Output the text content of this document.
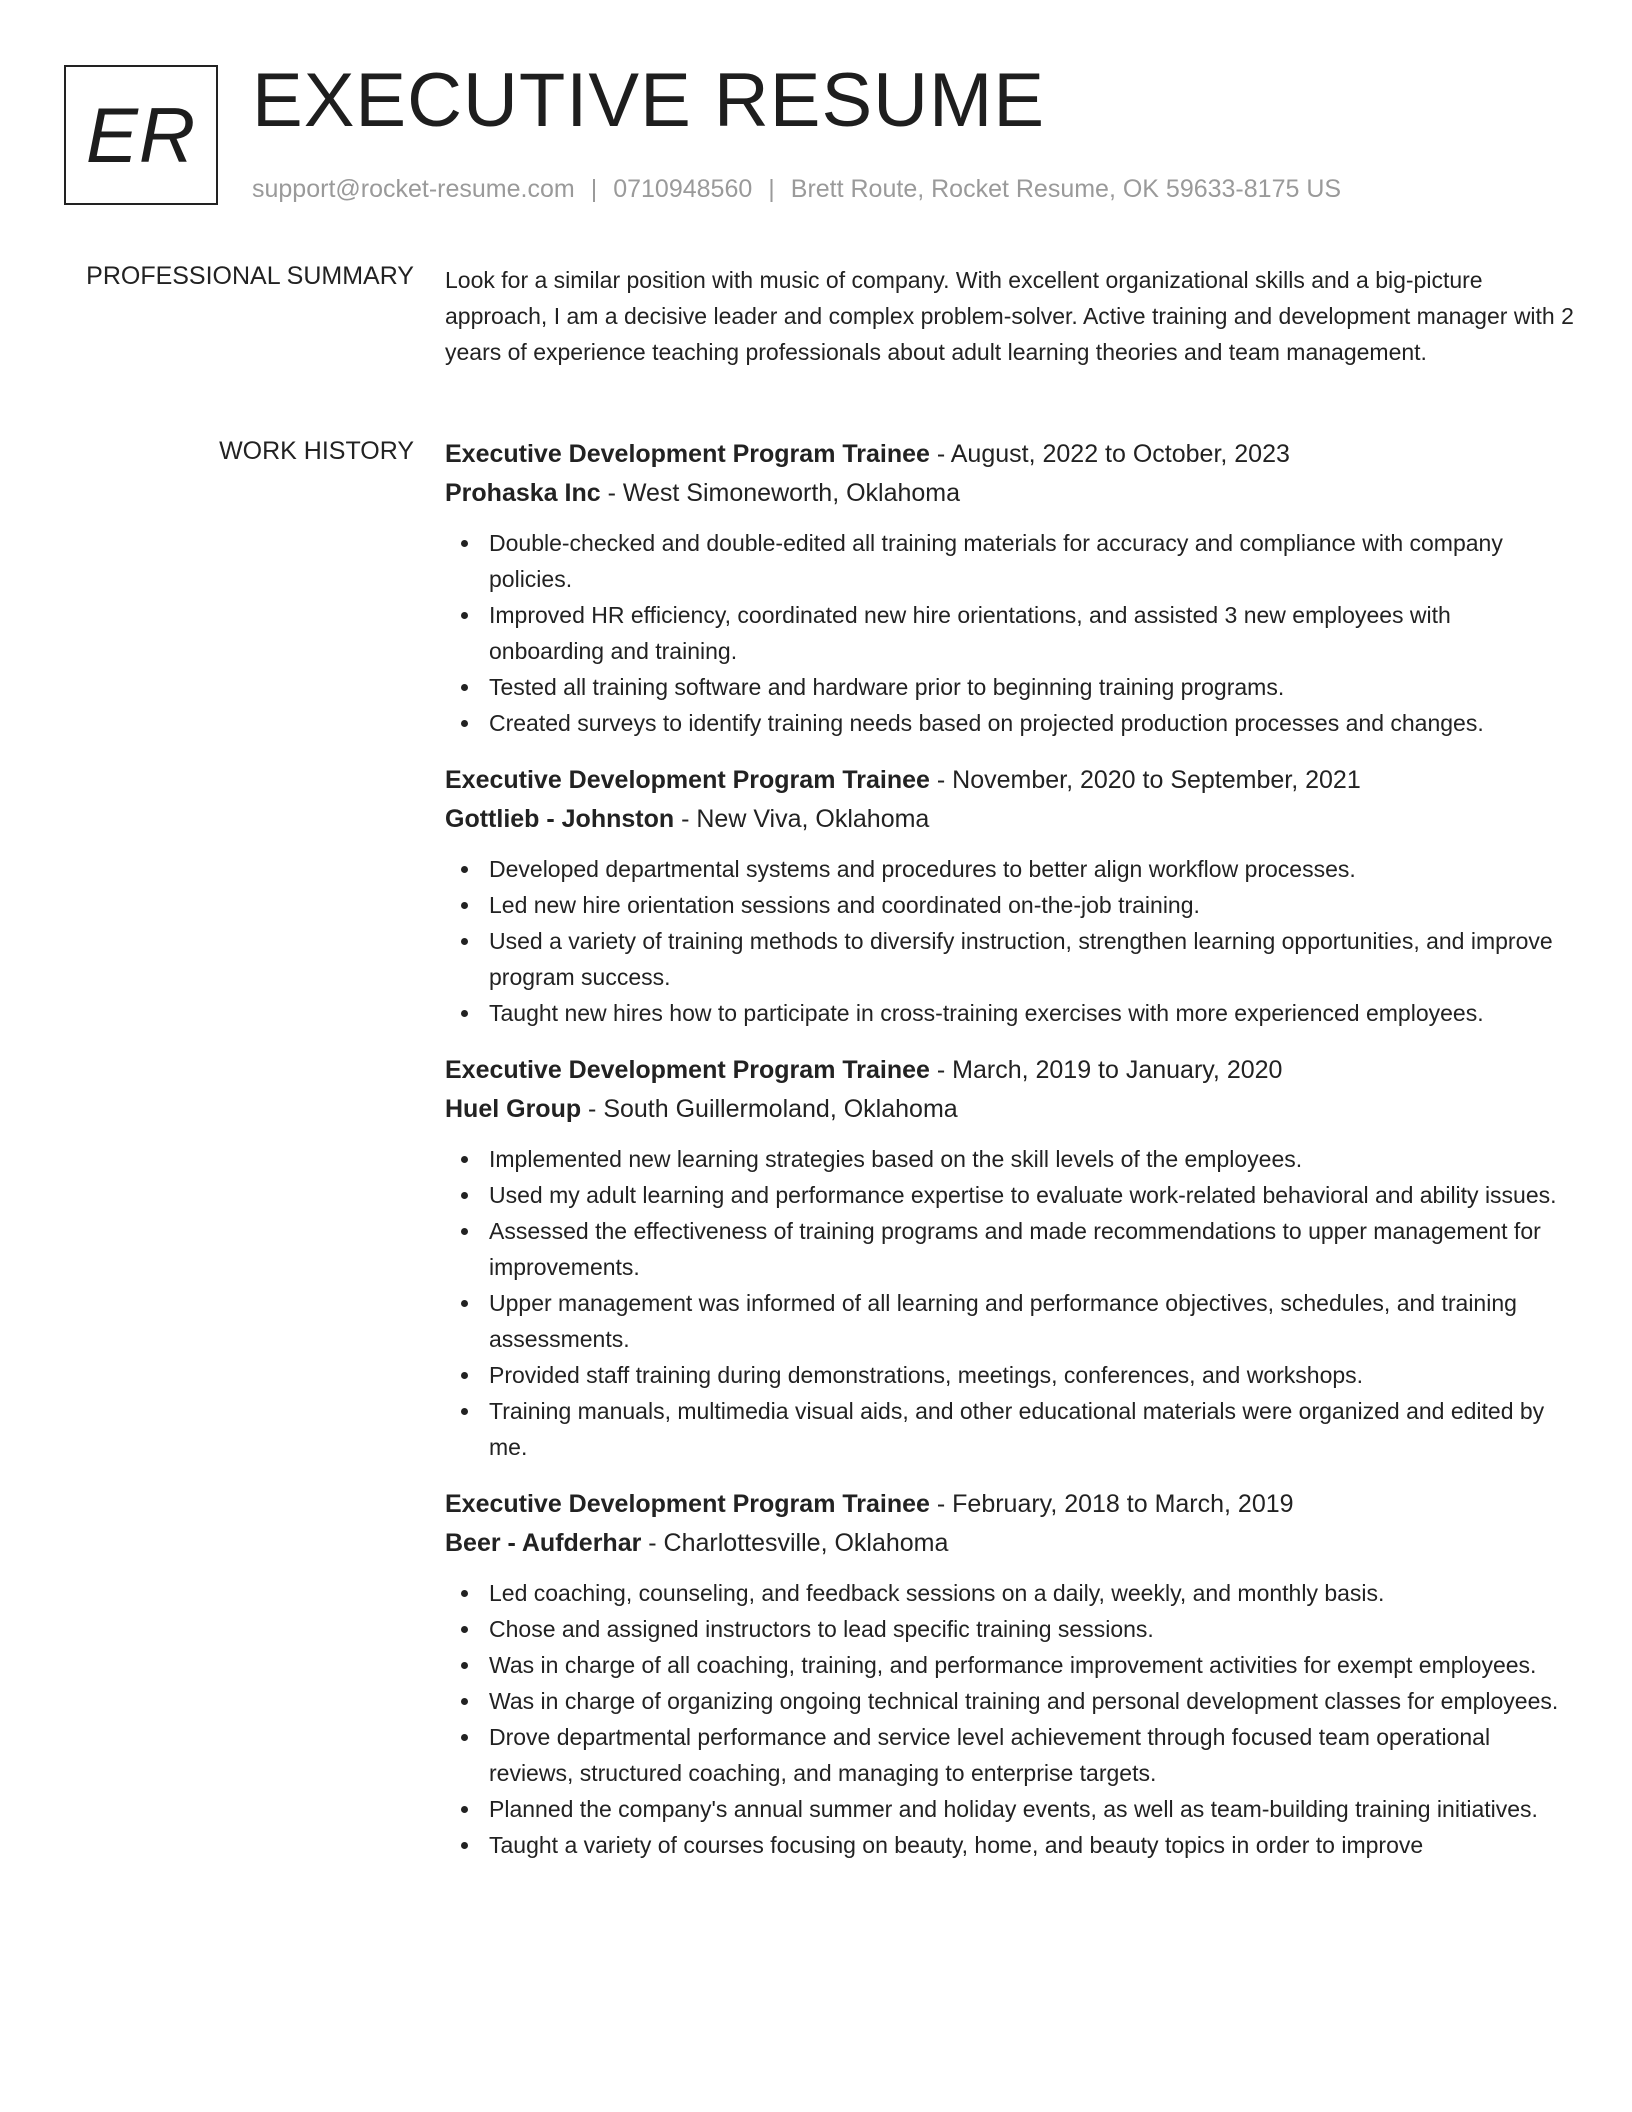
ER EXECUTIVE RESUME
support@rocket-resume.com | 0710948560 | Brett Route, Rocket Resume, OK 59633-8175 US
PROFESSIONAL SUMMARY Look for a similar position with music of company. With excellent organizational skills and a big-picture approach, I am a decisive leader and complex problem-solver. Active training and development manager with 2 years of experience teaching professionals about adult learning theories and team management.

WORK HISTORY Executive Development Program Trainee - August, 2022 to October, 2023
Prohaska Inc - West Simoneworth, Oklahoma
Double-checked and double-edited all training materials for accuracy and compliance with company policies.
Improved HR efficiency, coordinated new hire orientations, and assisted 3 new employees with onboarding and training.
Tested all training software and hardware prior to beginning training programs.
Created surveys to identify training needs based on projected production processes and changes.
Executive Development Program Trainee - November, 2020 to September, 2021
Gottlieb - Johnston - New Viva, Oklahoma
Developed departmental systems and procedures to better align workflow processes.
Led new hire orientation sessions and coordinated on-the-job training.
Used a variety of training methods to diversify instruction, strengthen learning opportunities, and improve program success.
Taught new hires how to participate in cross-training exercises with more experienced employees.
Executive Development Program Trainee - March, 2019 to January, 2020
Huel Group - South Guillermoland, Oklahoma
Implemented new learning strategies based on the skill levels of the employees.
Used my adult learning and performance expertise to evaluate work-related behavioral and ability issues.
Assessed the effectiveness of training programs and made recommendations to upper management for improvements.
Upper management was informed of all learning and performance objectives, schedules, and training assessments.
Provided staff training during demonstrations, meetings, conferences, and workshops.
Training manuals, multimedia visual aids, and other educational materials were organized and edited by me.
Executive Development Program Trainee - February, 2018 to March, 2019
Beer - Aufderhar - Charlottesville, Oklahoma
Led coaching, counseling, and feedback sessions on a daily, weekly, and monthly basis.
Chose and assigned instructors to lead specific training sessions.
Was in charge of all coaching, training, and performance improvement activities for exempt employees.
Was in charge of organizing ongoing technical training and personal development classes for employees.
Drove departmental performance and service level achievement through focused team operational reviews, structured coaching, and managing to enterprise targets.
Planned the company's annual summer and holiday events, as well as team-building training initiatives.
Taught a variety of courses focusing on beauty, home, and beauty topics in order to improve
